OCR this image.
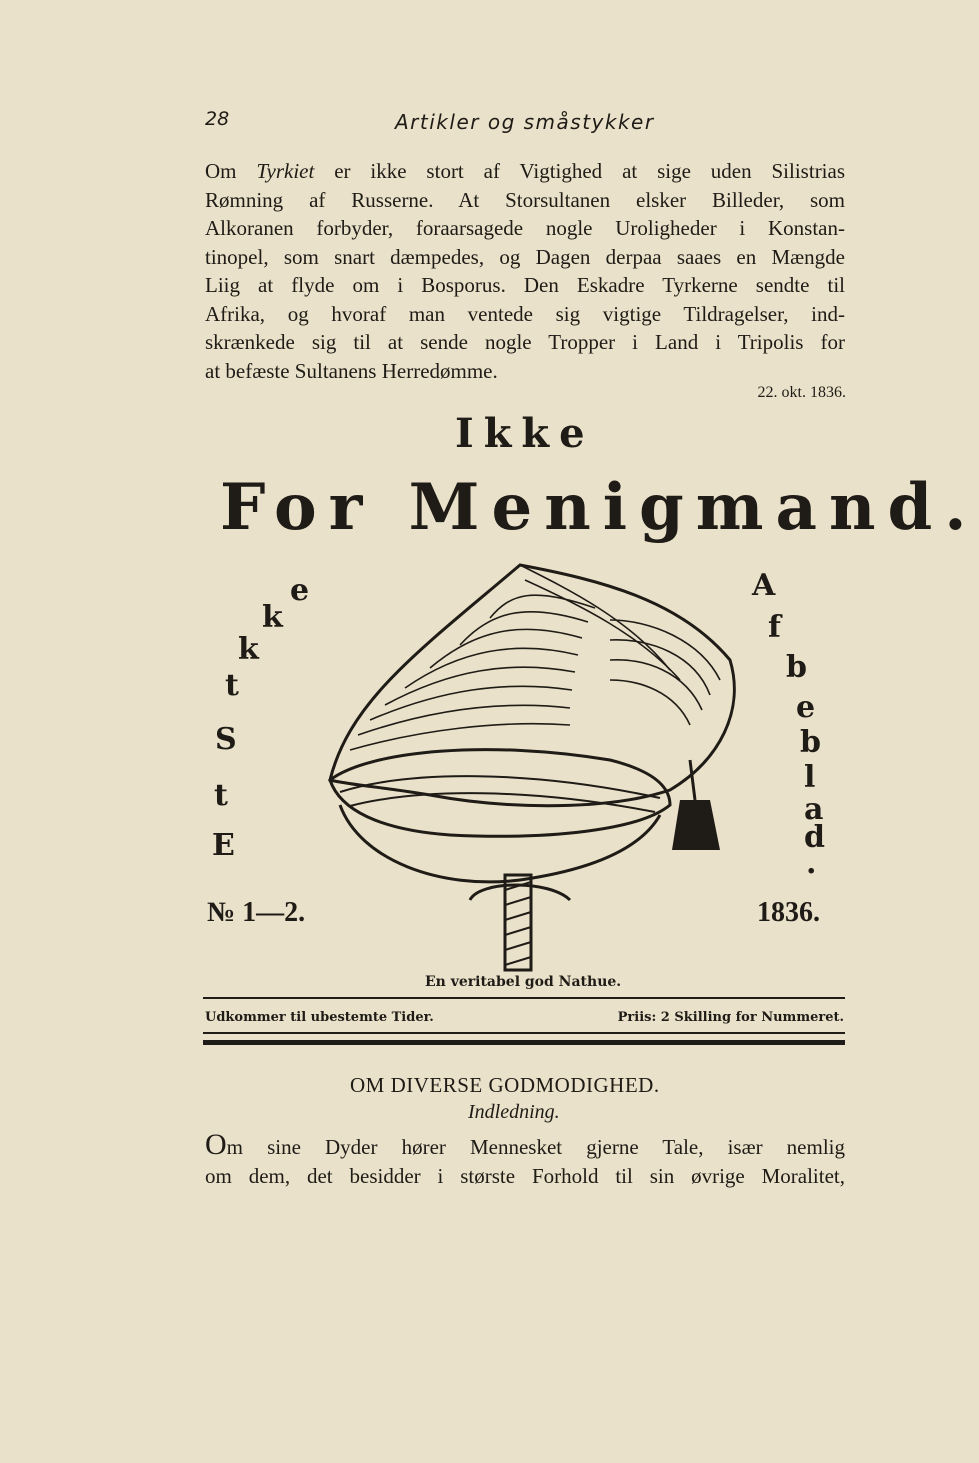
28	Artikler og småstykker
Om Tyrkiet er ikke stort af Vigtighed at sige uden Silistrias
Rømning af Russerne. At Storsultanen elsker Billeder, som
Alkoranen forbyder, foraarsagede nogle Uroligheder i Konstan-
tinopel, som snart dæmpedes, og Dagen derpaa saaes en Mængde
Liig at flyde om i Bosporus. Den Eskadre Tyrkerne sendte til
Afrika, og hvoraf man ventede sig vigtige Tildragelser, ind-
skrænkede sig til at sende nogle Tropper i Land i Tripolis for
at befæste Sultanens Herredømme.
22. okt. 1836.
Ikke
For Menigmand.
E
t
S
t
k
k
e	A
f
b
e
b
l
a
d
.
№ 1—2.	1836.
En veritabel god Nathue.
Udkommer til ubestemte Tider.	Priis: 2 Skilling for Nummeret.
OM DIVERSE GODMODIGHED.
Indledning.
Om sine Dyder hører Mennesket gjerne Tale, især nemlig
om dem, det besidder i største Forhold til sin øvrige Moralitet,
